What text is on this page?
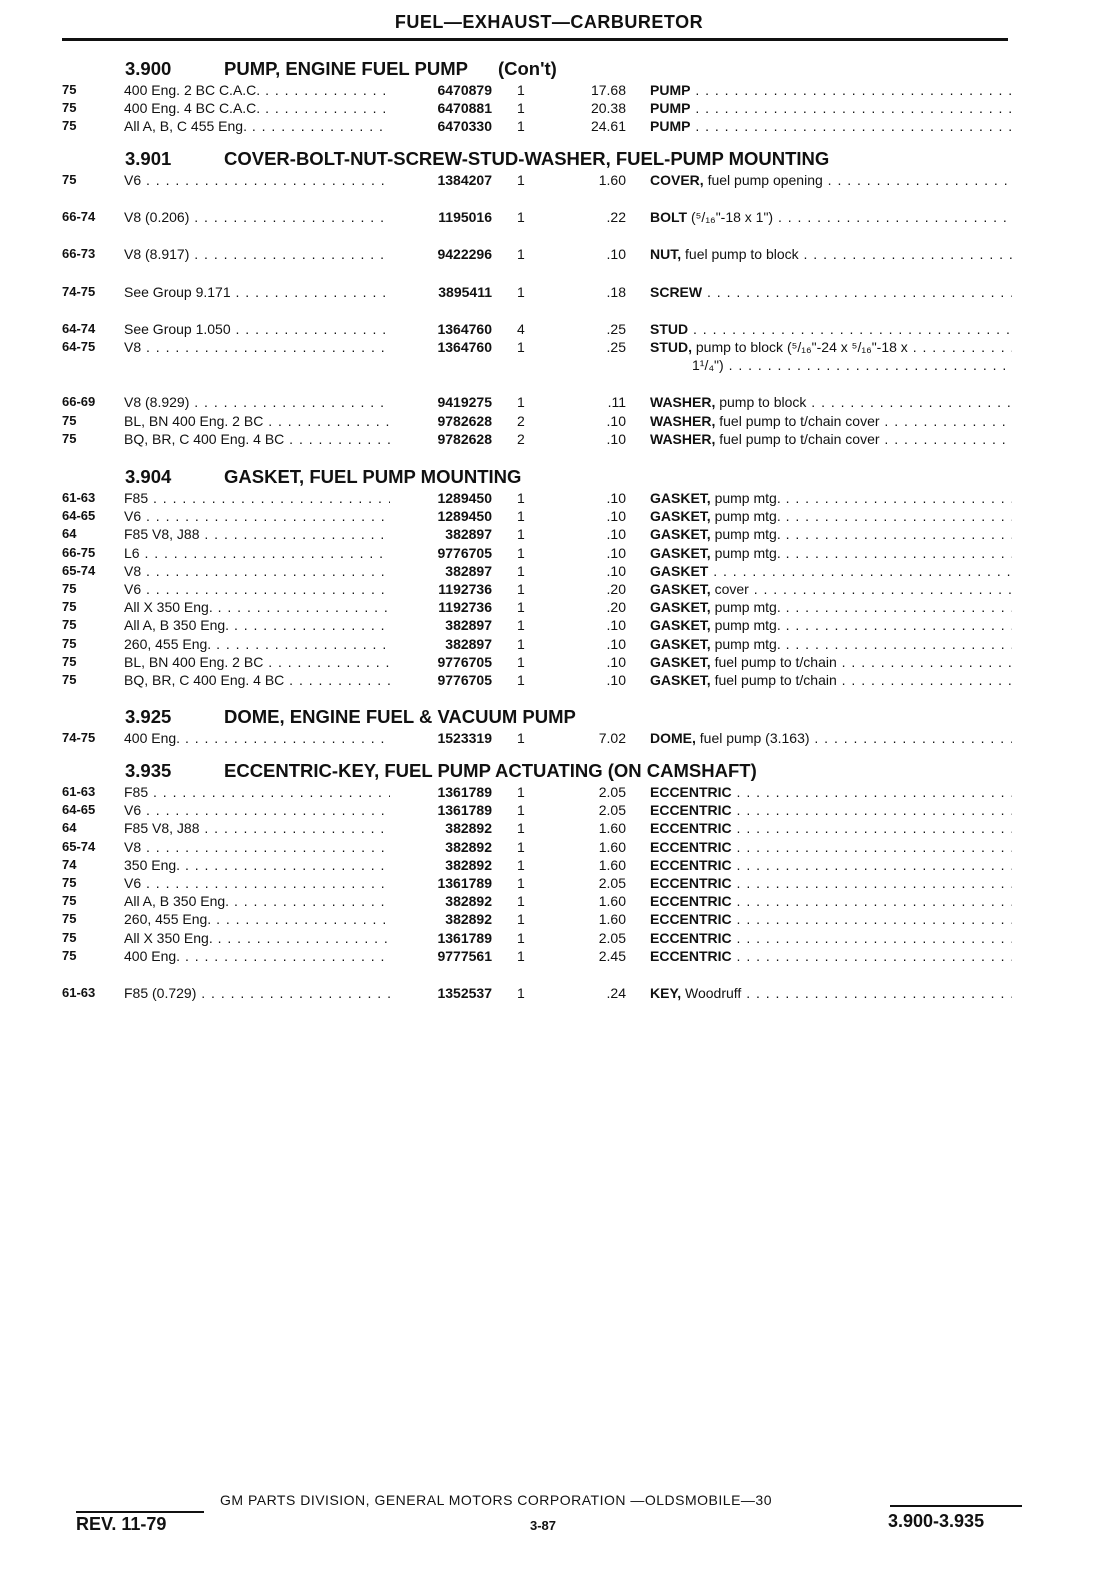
FUEL—EXHAUST—CARBURETOR
3.900	PUMP, ENGINE FUEL PUMP (Con't)
75	400 Eng. 2 BC C.A.C. . . .	6470879 1	17.68 PUMP . . .
75	400 Eng. 4 BC C.A.C. . . .	6470881 1	20.38 PUMP . . .
75	All A, B, C 455 Eng. . . .	6470330 1	24.61 PUMP . . .
3.901	COVER-BOLT-NUT-SCREW-STUD-WASHER, FUEL-PUMP MOUNTING
75	V6 . . .	1384207 1	1.60 COVER, fuel pump opening . . .
66-74 V8 (0.206) . . .	1195016 1	.22 BOLT (⁵/₁₆"-18 x 1") . . .
66-73 V8 (8.917) . . .	9422296 1	.10 NUT, fuel pump to block . . .
74-75 See Group 9.171 . . .	3895411 1	.18 SCREW . . .
64-74 See Group 1.050 . . .	1364760 4	.25 STUD . . .
64-75 V8 . . .	1364760 1	.25 STUD, pump to block (⁵/₁₆"-24 x ⁵/₁₆"-18 x . . .
1¹/₄") . . .
66-69 V8 (8.929) . . .	9419275 1	.11 WASHER, pump to block . . .
75	BL, BN 400 Eng. 2 BC . . .	9782628 2	.10 WASHER, fuel pump to t/chain cover . . .
75	BQ, BR, C 400 Eng. 4 BC . . .	9782628 2	.10 WASHER, fuel pump to t/chain cover . . .
3.904	GASKET, FUEL PUMP MOUNTING
61-63 F85 . . .	1289450 1	.10 GASKET, pump mtg. . . .
64-65 V6 . . .	1289450 1	.10 GASKET, pump mtg. . . .
64	F85 V8, J88 . . .	382897 1	.10 GASKET, pump mtg. . . .
66-75 L6 . . .	9776705 1	.10 GASKET, pump mtg. . . .
65-74 V8 . . .	382897 1	.10 GASKET . . .
75	V6 . . .	1192736 1	.20 GASKET, cover . . .
75	All X 350 Eng. . . .	1192736 1	.20 GASKET, pump mtg. . . .
75	All A, B 350 Eng. . . .	382897 1	.10 GASKET, pump mtg. . . .
75	260, 455 Eng. . . .	382897 1	.10 GASKET, pump mtg. . . .
75	BL, BN 400 Eng. 2 BC . . .	9776705 1	.10 GASKET, fuel pump to t/chain . . .
75	BQ, BR, C 400 Eng. 4 BC . . .	9776705 1	.10 GASKET, fuel pump to t/chain . . .
3.925	DOME, ENGINE FUEL & VACUUM PUMP
74-75 400 Eng. . . .	1523319 1	7.02 DOME, fuel pump (3.163) . . .
3.935	ECCENTRIC-KEY, FUEL PUMP ACTUATING (ON CAMSHAFT)
61-63 F85 . . .	1361789 1	2.05 ECCENTRIC . . .
64-65 V6 . . .	1361789 1	2.05 ECCENTRIC . . .
64	F85 V8, J88 . . .	382892 1	1.60 ECCENTRIC . . .
65-74 V8 . . .	382892 1	1.60 ECCENTRIC . . .
74	350 Eng. . . .	382892 1	1.60 ECCENTRIC . . .
75	V6 . . .	1361789 1	2.05 ECCENTRIC . . .
75	All A, B 350 Eng. . . .	382892 1	1.60 ECCENTRIC . . .
75	260, 455 Eng. . . .	382892 1	1.60 ECCENTRIC . . .
75	All X 350 Eng. . . .	1361789 1	2.05 ECCENTRIC . . .
75	400 Eng. . . .	9777561 1	2.45 ECCENTRIC . . .
61-63 F85 (0.729) . . .	1352537 1	.24 KEY, Woodruff . . .
GM PARTS DIVISION, GENERAL MOTORS CORPORATION —OLDSMOBILE—30
REV. 11-79	3-87	3.900-3.935
